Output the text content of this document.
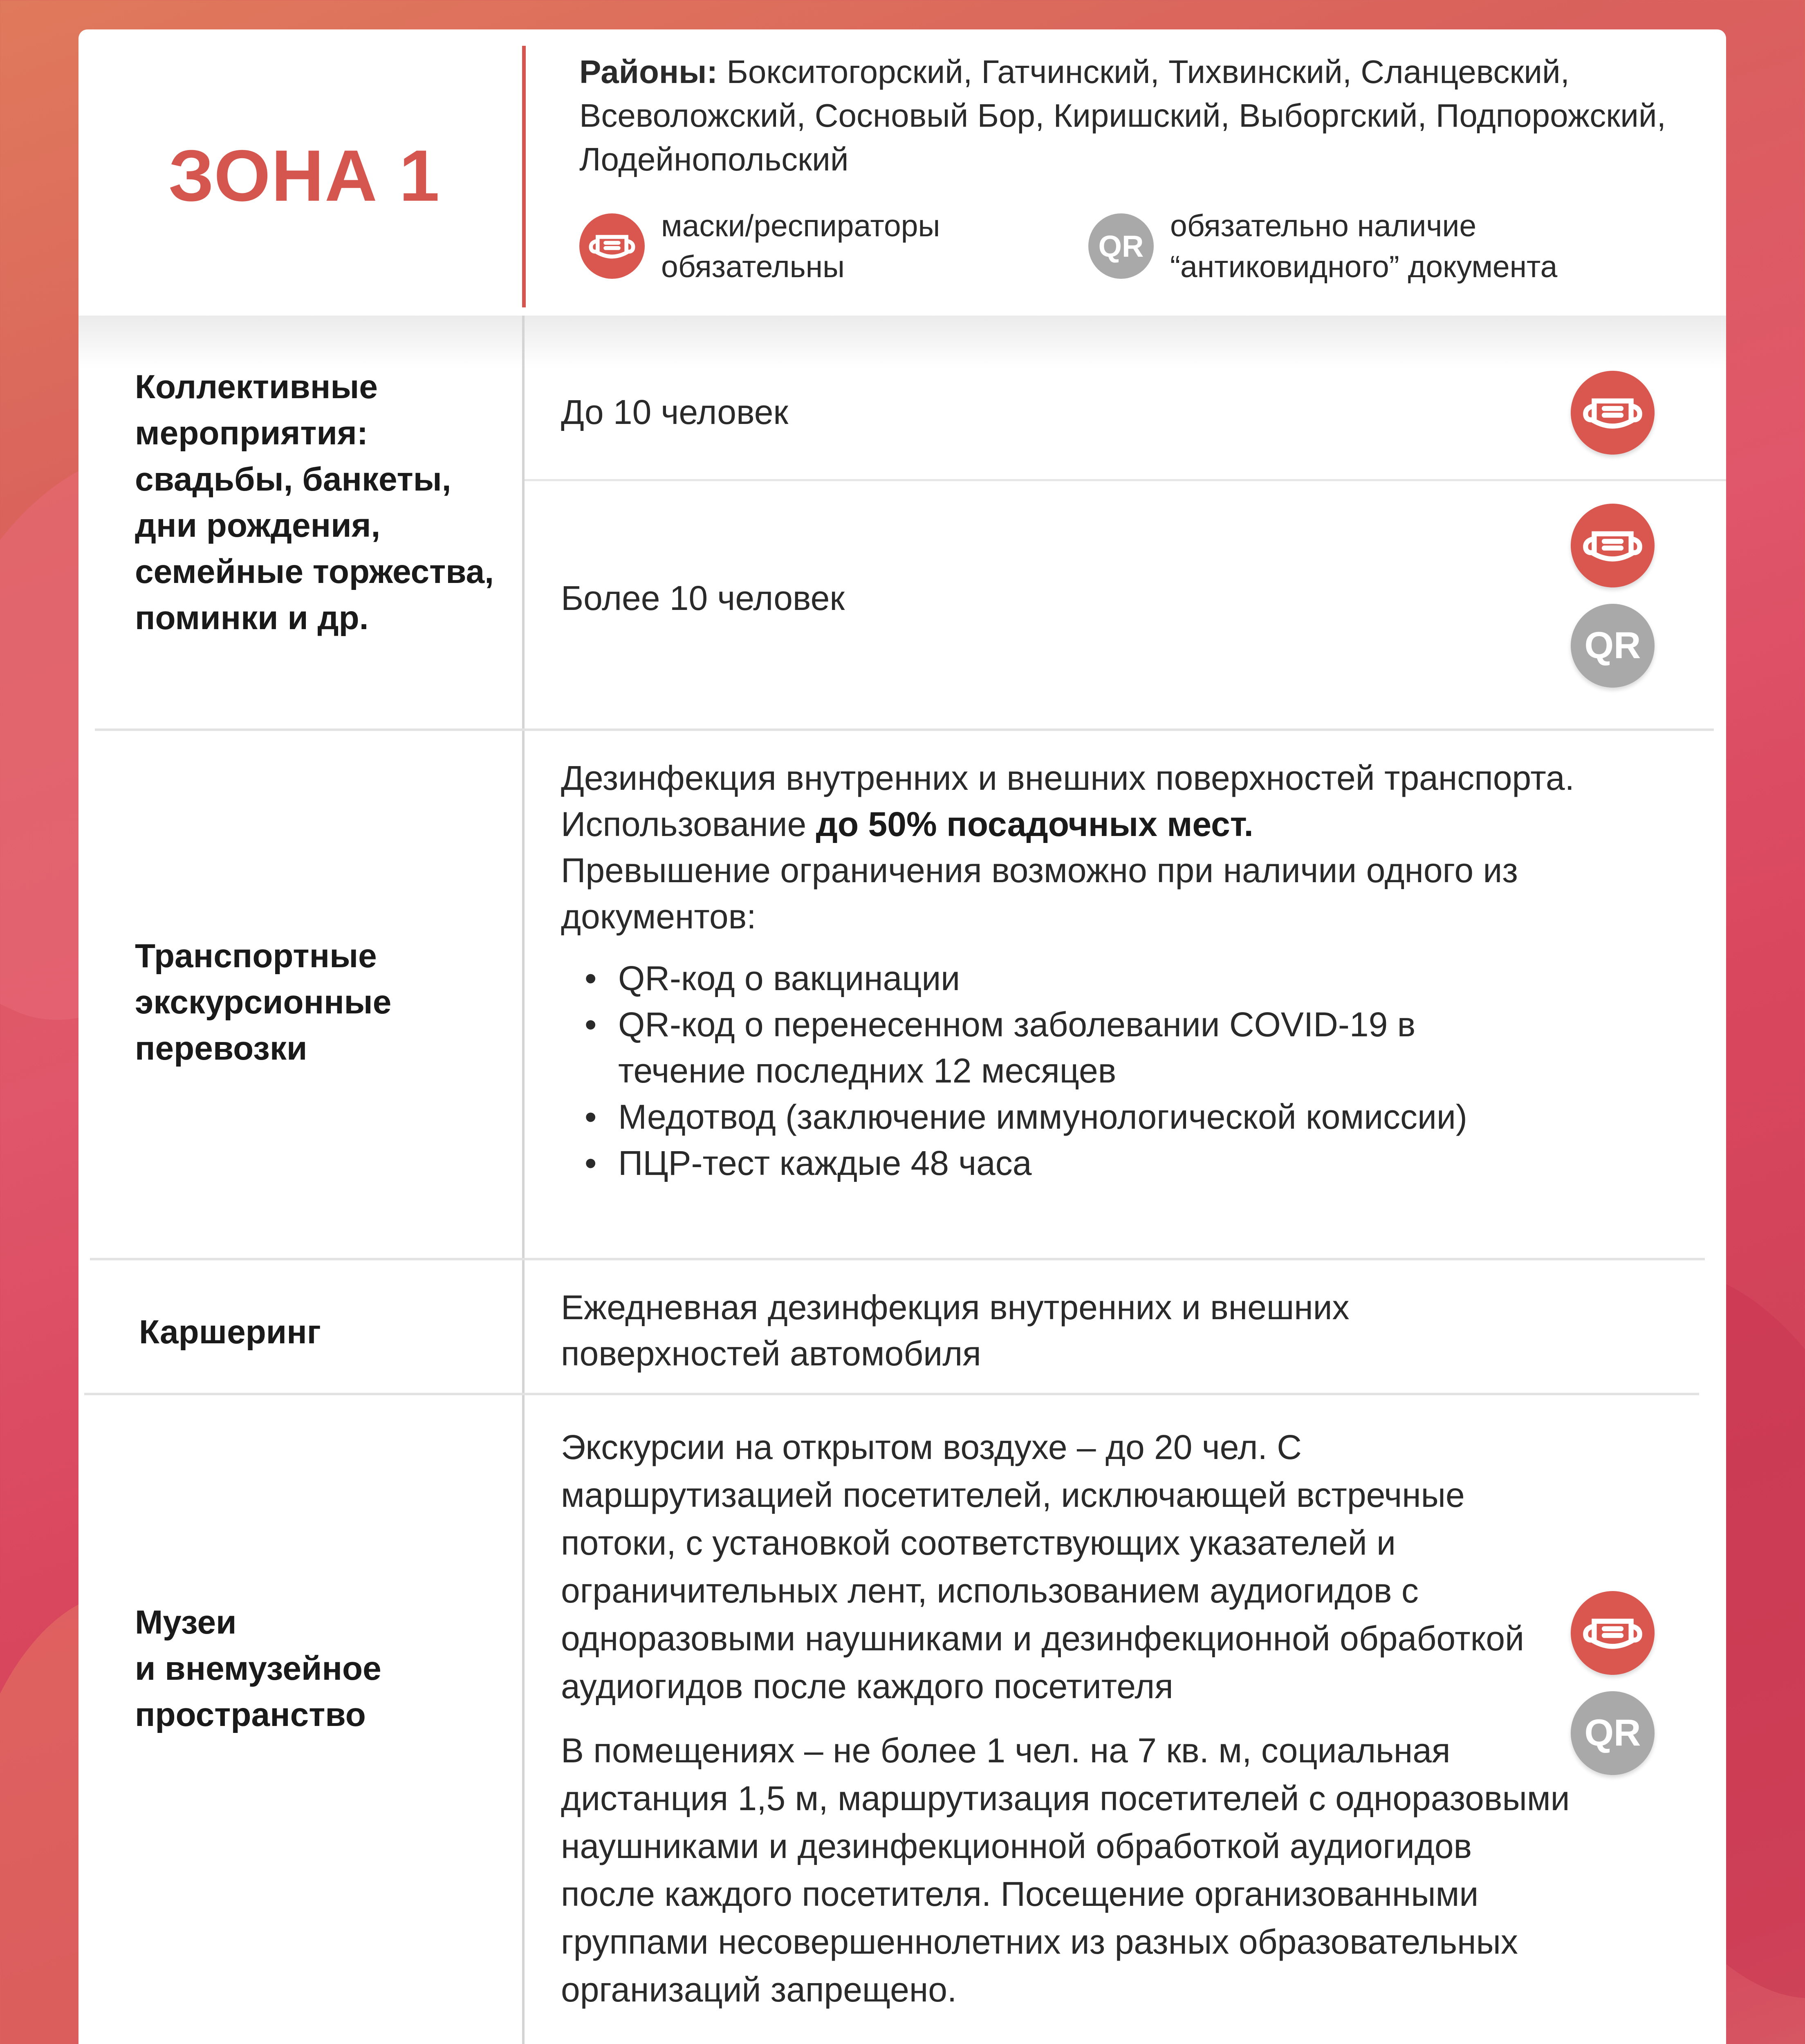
ЗОНА 1
Районы: Бокситогорский, Гатчинский, Тихвинский, Сланцевский, Всеволожский, Сосновый Бор, Киришский, Выборгский, Подпорожский, Лодейнопольский
маски/респираторы
обязательны
QR
обязательно наличие
“антиковидного” документа
Коллективные мероприятия: свадьбы, банкеты, дни рождения, семейные торжества, поминки и др.
До 10 человек
Более 10 человек
QR
Транспортные экскурсионные перевозки
Дезинфекция внутренних и внешних поверхностей транспорта.
Использование до 50% посадочных мест.
Превышение ограничения возможно при наличии одного из документов:
• QR-код о вакцинации
• QR-код о перенесенном заболевании COVID-19 в течение последних 12 месяцев
• Медотвод (заключение иммунологической комиссии)
• ПЦР-тест каждые 48 часа
Каршеринг
Ежедневная дезинфекция внутренних и внешних поверхностей автомобиля
Музеи
и внемузейное
пространство
Экскурсии на открытом воздухе – до 20 чел. С маршрутизацией посетителей, исключающей встречные потоки, с установкой соответствующих указателей и ограничительных лент, использованием аудиогидов с одноразовыми наушниками и дезинфекционной обработкой аудиогидов после каждого посетителя
В помещениях – не более 1 чел. на 7 кв. м, социальная дистанция 1,5 м, маршрутизация посетителей с одноразовыми наушниками и дезинфекционной обработкой аудиогидов после каждого посетителя. Посещение организованными группами несовершеннолетних из разных образовательных организаций запрещено.
QR
